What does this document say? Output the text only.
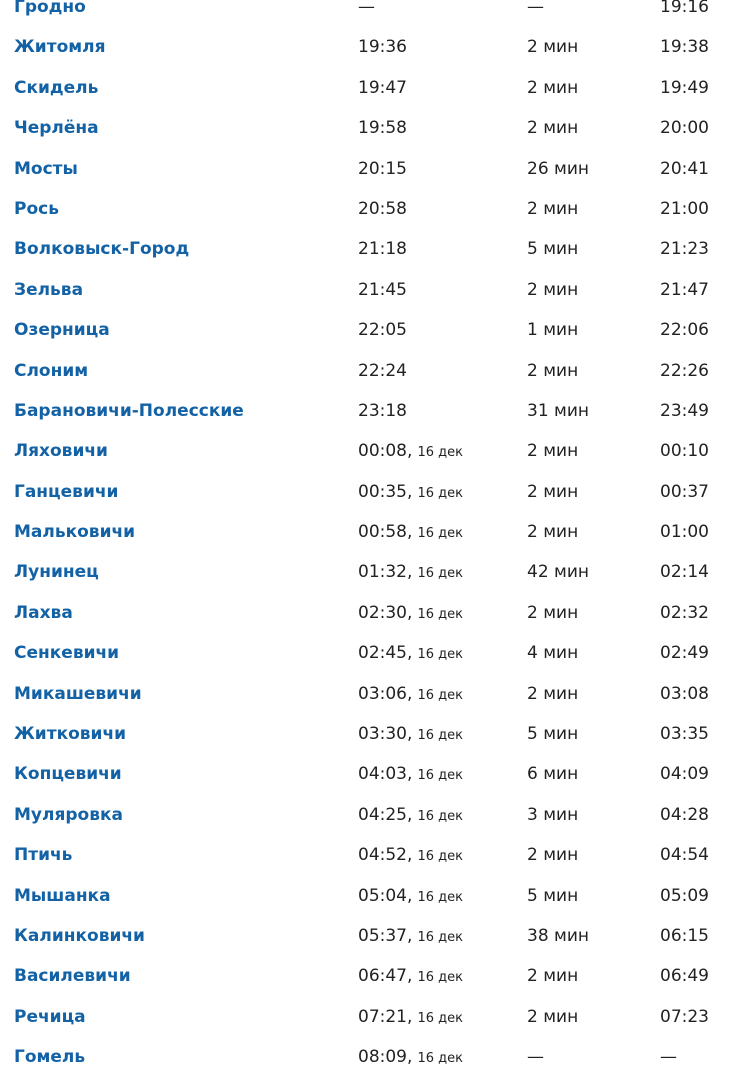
Гродно	—	—	19:16
Житомля	19:36	2 мин	19:38
Скидель	19:47	2 мин	19:49
Черлёна	19:58	2 мин	20:00
Мосты	20:15	26 мин	20:41
Рось	20:58	2 мин	21:00
Волковыск-Город	21:18	5 мин	21:23
Зельва	21:45	2 мин	21:47
Озерница	22:05	1 мин	22:06
Слоним	22:24	2 мин	22:26
Барановичи-Полесские	23:18	31 мин	23:49
Ляховичи	00:08, 16 дек	2 мин	00:10
Ганцевичи	00:35, 16 дек	2 мин	00:37
Мальковичи	00:58, 16 дек	2 мин	01:00
Лунинец	01:32, 16 дек	42 мин	02:14
Лахва	02:30, 16 дек	2 мин	02:32
Сенкевичи	02:45, 16 дек	4 мин	02:49
Микашевичи	03:06, 16 дек	2 мин	03:08
Житковичи	03:30, 16 дек	5 мин	03:35
Копцевичи	04:03, 16 дек	6 мин	04:09
Муляровка	04:25, 16 дек	3 мин	04:28
Птичь	04:52, 16 дек	2 мин	04:54
Мышанка	05:04, 16 дек	5 мин	05:09
Калинковичи	05:37, 16 дек	38 мин	06:15
Василевичи	06:47, 16 дек	2 мин	06:49
Речица	07:21, 16 дек	2 мин	07:23
Гомель	08:09, 16 дек	—	—
